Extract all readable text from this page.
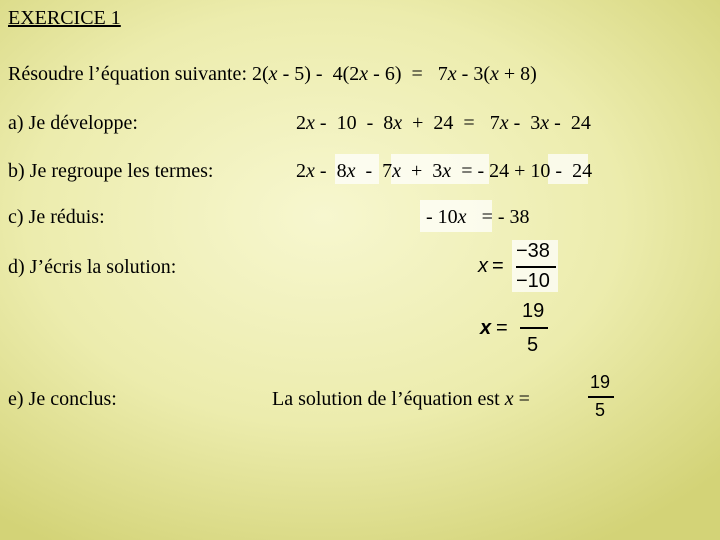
EXERCICE 1
Résoudre l’équation suivante: 2(x - 5) - 4(2x - 6) = 7x - 3(x + 8)
a) Je développe:	2x - 10 - 8x + 24 = 7x - 3x - 24
b) Je regroupe les termes:	2x - 8x - 7x + 3x = - 24 + 10 - 24
c) Je réduis:	- 10x = - 38
d) J’écris la solution:	x =
−38
−10
x =
19
5
e) Je conclus:	La solution de l’équation est x =
19
5
